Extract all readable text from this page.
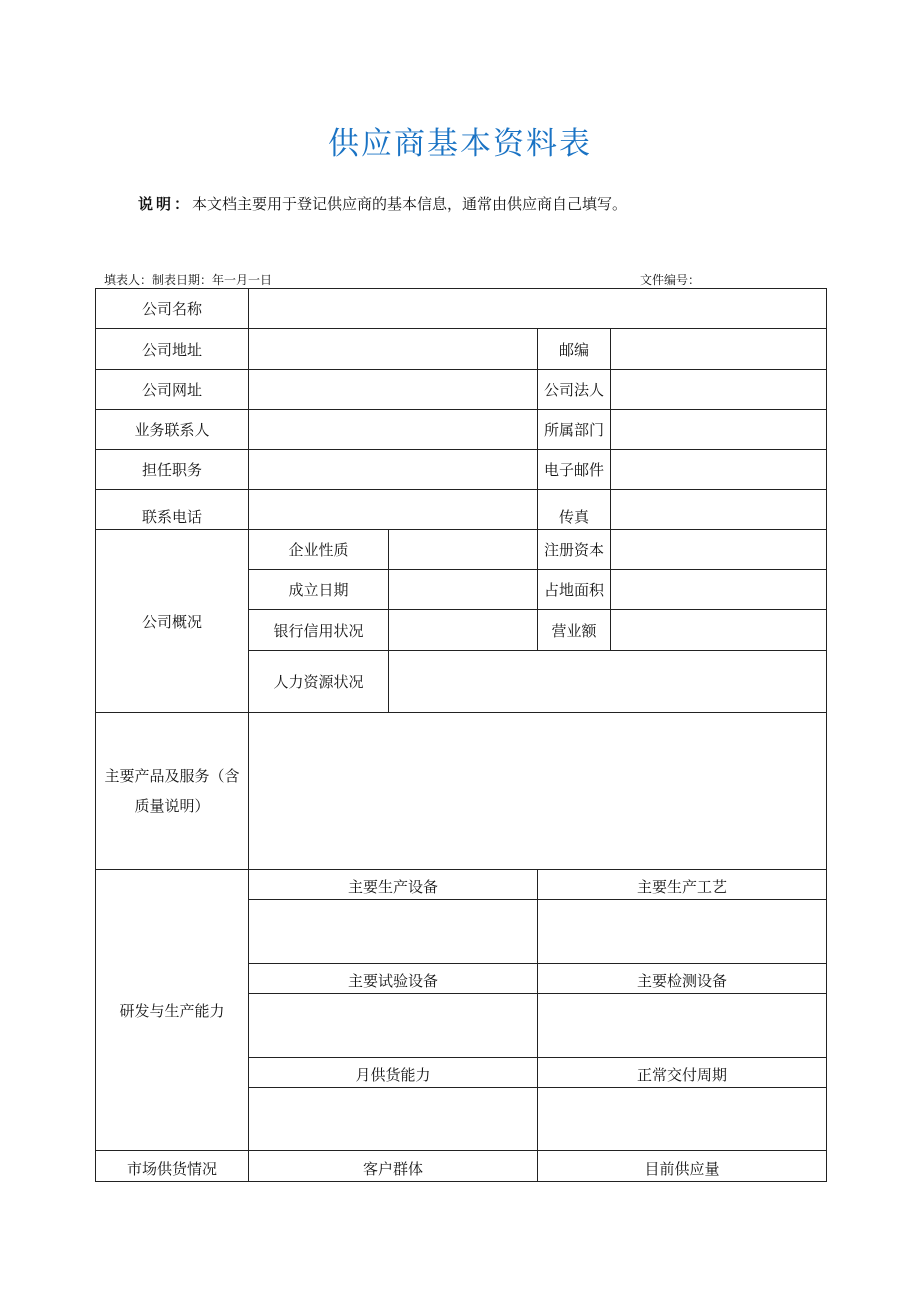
供应商基本资料表
说明：本文档主要用于登记供应商的基本信息，通常由供应商自己填写。
填表人：制表日期：年一月一日	文件编号：
公司名称				
公司地址			邮编	
公司网址			公司法人	
业务联系人			所属部门	
担任职务			电子邮件	
联系电话			传真	
公司概况	企业性质		注册资本	
	成立日期		占地面积	
	银行信用状况		营业额	
	人力资源状况			
主要产品及服务（含质量说明）				
研发与生产能力	主要生产设备		主要生产工艺	

	主要试验设备		主要检测设备	

	月供货能力		正常交付周期	

市场供货情况	客户群体		目前供应量	
